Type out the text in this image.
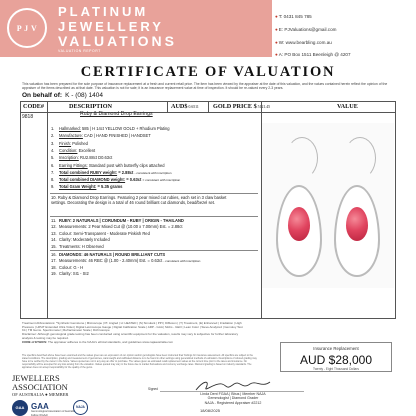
P J V
PLATINUM
JEWELLERY
VALUATIONS
VALUATION REPORT
●T: 0431 845 785
●E: PJValuations@gmail.com
●W: www.bearbling.com.au
●A: PO Box 1511 Beenleigh @ 4207
CERTIFICATE OF VALUATION
This valuation has been prepared for the sole purpose of insurance replacement at a fresh and current retail price. The item has been viewed by the appraiser at the date of this valuation, and the values contained herein reflect the opinion of the appraiser of the items described as at that date. This valuation is not for sale; it is an insurance replacement value at time of inspection. It should be re-valued every 2-3 years.
On behalf of: K - (08) 1404
CODE#	DESCRIPTION	AUD$0.6511 GOLD PRICE $5121.45	VALUE
9818	Ruby & Diamond Drop Earrings
1. Hallmarked: 585 | H 14ct YELLOW GOLD + Rhodium Plating
2. Manufacture: CAD | HAND FINISHED | HANDSET
3. Finish: Polished
4. Condition: Excellent
5. Inscription: RU2.88ct D0.63ct
6. Earring Fittings: Standard post with butterfly clips attached
7. Total combined RUBY weight: = 2.88ct - consistent with inscription
8. Total combined DIAMOND weight: = 0.63ct = consistent with inscription
9. Total Gram Weight: = 5.35 grams
10. Ruby & Diamond Drop Earrings. Featuring 2 pear mixed cut rubies, each set in 3 claw basket settings. Decorating the design is a total of 46 round brilliant cut diamonds, bead/bezel set.
11. RUBY: 2 NATURALS | CORUNDUM - RUBY | ORIGIN - THAILAND
12. Measurements: 2 Pear Mixed Cut @ (10.00 x 7.00mm) Est. = 2.88ct
13. Colour: Semi-Transparent - Moderate Pinkish Red
14. Clarity: Moderately Included
15. Treatments: H Observed
16. DIAMONDS: 46 NATURALS | ROUND BRILLIANT CUTS
17. Measurements: 46 RBC @ (1.00 - 2.40mm) Est. = 0.63ct - consistent with inscription
18. Colour: G - H
19. Clarity: SI1 - SI2
Treatment Abbreviations: *Synthetic Gemstone | Microscope | PI: Angled | H: HEATED | (S) Simulant | PPI | Diffusion | (T) Treatment, (E) Enhanced | Irradiation | High Pressure | HPHT Extended Ultra Violet | Digital Leicroscope Gauge | Digital Calibration Scale | ARP - GAA | Mohs - GEO | Lean Color | Sieve Analyzed | Gemoloy Test Kit | TM Gems. Spectrometer | Refractometer Scale | Dichroscope
Disclaimer: Although gemological grade testing has been conducted using scientific equipment for the valuation, results may vary & subjective for further laboratory analysis & testing may be required.
CODE of ETHICS: The appraiser adheres to the NAJA's ethical standards, and guidelines www.najaaustralia.com
The specifics described above have been examined and the values given are an expression of our opinion and/or gemologists have been instructed their findings for insurance assessment. All specifics are subject to the stated conditions. The description, grading and measurement of gemstones, carat weight and calibrated distance is to be found in other settings using generalized methods of estimation. Descriptions of colored grading may have to be verified by the owner in the future. Values quoted are not in any way an offer to purchase. The values given as estimated retail replacement values at the current time prior to the taxes and insurance. No responsibility will be accepted for any loss arising from the valuation. Values quoted may vary in the future due to market fluctuations and currency exchange rates. Diamond grading is based on industry standards. The appraiser does not accept responsibility for the quality of the gems.
Insurance Replacement
AUD $28,000
Twenty - Eight Thousand Dollars
JEWELLERS
ASSOCIATION
OF AUSTRALIA ● MEMBER
GAA GAA
Gemmological Association of Australia
Fellow (FGAA)
NAJA
Signed
Linda Dent FGAA | Bbus | Member NAJA
Gemmologist | Diamond Grader
NAJA - Registered Appraiser #2212
18/08/2025
